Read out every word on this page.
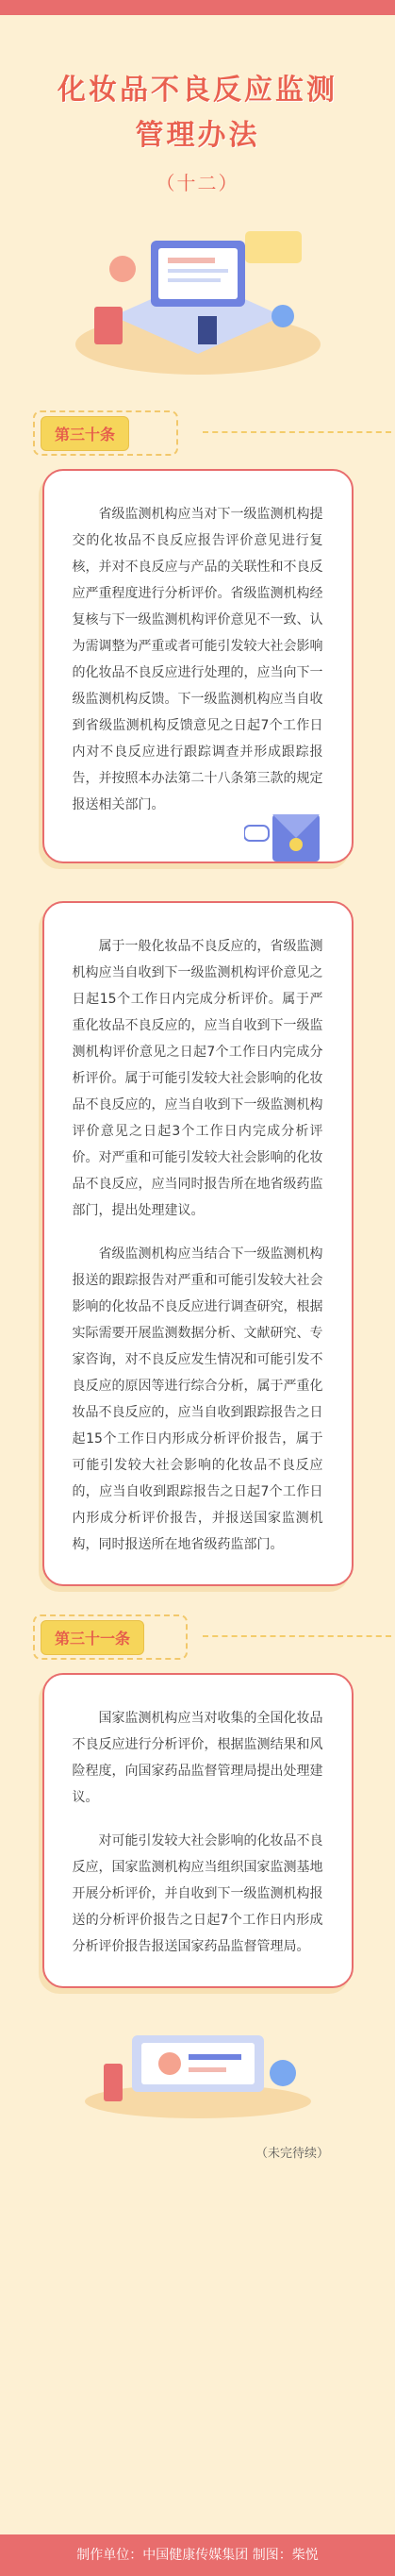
化妆品不良反应监测
管理办法
（十二）
第三十条

省级监测机构应当对下一级监测机构提交的化妆品不良反应报告评价意见进行复核，并对不良反应与产品的关联性和不良反应严重程度进行分析评价。省级监测机构经复核与下一级监测机构评价意见不一致、认为需调整为严重或者可能引发较大社会影响的化妆品不良反应进行处理的，应当向下一级监测机构反馈。下一级监测机构应当自收到省级监测机构反馈意见之日起7个工作日内对不良反应进行跟踪调查并形成跟踪报告，并按照本办法第二十八条第三款的规定报送相关部门。

属于一般化妆品不良反应的，省级监测机构应当自收到下一级监测机构评价意见之日起15个工作日内完成分析评价。属于严重化妆品不良反应的，应当自收到下一级监测机构评价意见之日起7个工作日内完成分析评价。属于可能引发较大社会影响的化妆品不良反应的，应当自收到下一级监测机构评价意见之日起3个工作日内完成分析评价。对严重和可能引发较大社会影响的化妆品不良反应，应当同时报告所在地省级药监部门，提出处理建议。

省级监测机构应当结合下一级监测机构报送的跟踪报告对严重和可能引发较大社会影响的化妆品不良反应进行调查研究，根据实际需要开展监测数据分析、文献研究、专家咨询，对不良反应发生情况和可能引发不良反应的原因等进行综合分析，属于严重化妆品不良反应的，应当自收到跟踪报告之日起15个工作日内形成分析评价报告，属于可能引发较大社会影响的化妆品不良反应的，应当自收到跟踪报告之日起7个工作日内形成分析评价报告，并报送国家监测机构，同时报送所在地省级药监部门。

第三十一条

国家监测机构应当对收集的全国化妆品不良反应进行分析评价，根据监测结果和风险程度，向国家药品监督管理局提出处理建议。

对可能引发较大社会影响的化妆品不良反应，国家监测机构应当组织国家监测基地开展分析评价，并自收到下一级监测机构报送的分析评价报告之日起7个工作日内形成分析评价报告报送国家药品监督管理局。

（未完待续）
制作单位：中国健康传媒集团 制图：柴悦
